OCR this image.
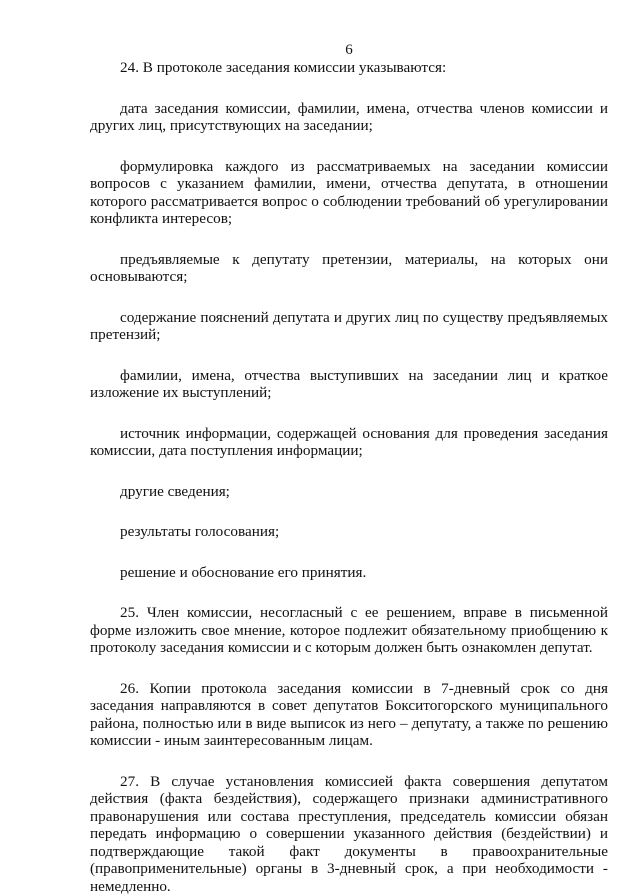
6

24. В протоколе заседания комиссии указываются:

дата заседания комиссии, фамилии, имена, отчества членов комиссии и других лиц, присутствующих на заседании;

формулировка каждого из рассматриваемых на заседании комиссии вопросов с указанием фамилии, имени, отчества депутата, в отношении которого рассматривается вопрос о соблюдении требований об урегулировании конфликта интересов;

предъявляемые к депутату претензии, материалы, на которых они основываются;

содержание пояснений депутата и других лиц по существу предъявляемых претензий;

фамилии, имена, отчества выступивших на заседании лиц и краткое изложение их выступлений;

источник информации, содержащей основания для проведения заседания комиссии, дата поступления информации;

другие сведения;

результаты голосования;

решение и обоснование его принятия.

25. Член комиссии, несогласный с ее решением, вправе в письменной форме изложить свое мнение, которое подлежит обязательному приобщению к протоколу заседания комиссии и с которым должен быть ознакомлен депутат.

26. Копии протокола заседания комиссии в 7-дневный срок со дня заседания направляются в совет депутатов Бокситогорского муниципального района, полностью или в виде выписок из него – депутату, а также по решению комиссии - иным заинтересованным лицам.

27. В случае установления комиссией факта совершения депутатом действия (факта бездействия), содержащего признаки административного правонарушения или состава преступления, председатель комиссии обязан передать информацию о совершении указанного действия (бездействии) и подтверждающие такой факт документы в правоохранительные (правоприменительные) органы в 3-дневный срок, а при необходимости - немедленно.
